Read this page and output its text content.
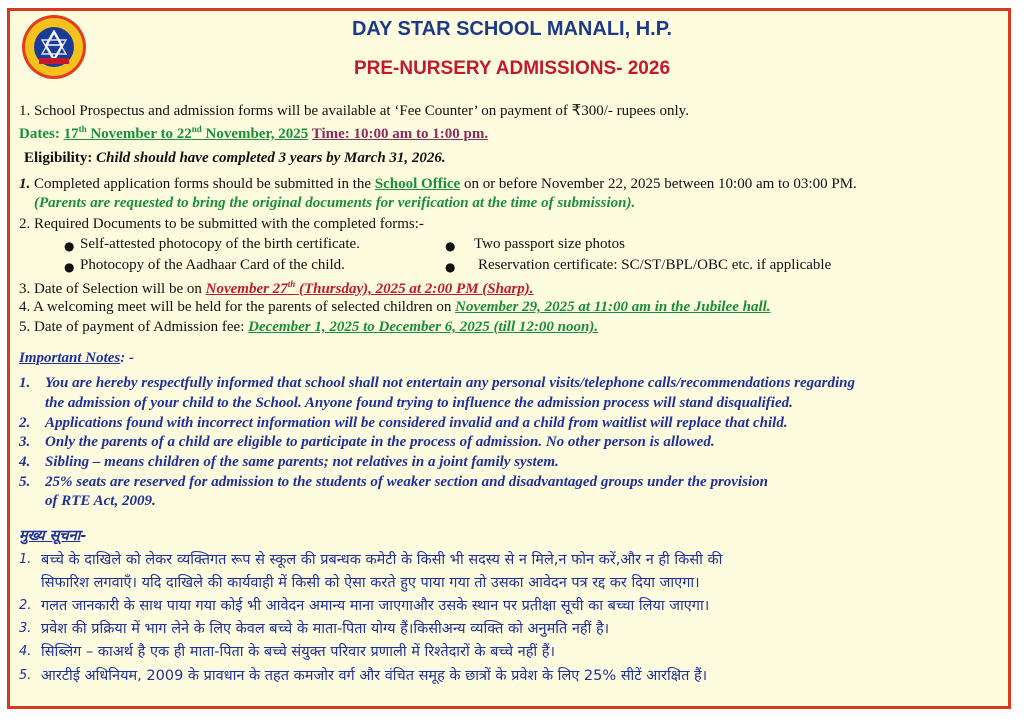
DAY STAR SCHOOL MANALI, H.P.
PRE-NURSERY ADMISSIONS- 2026
1. School Prospectus and admission forms will be available at ‘Fee Counter’ on payment of ₹300/- rupees only.
Dates: 17th November to 22nd November, 2025 Time: 10:00 am to 1:00 pm.
Eligibility: Child should have completed 3 years by March 31, 2026.
1. Completed application forms should be submitted in the School Office on or before November 22, 2025 between 10:00 am to 03:00 PM.
(Parents are requested to bring the original documents for verification at the time of submission).
2. Required Documents to be submitted with the completed forms:-
● Self-attested photocopy of the birth certificate.	● Two passport size photos
● Photocopy of the Aadhaar Card of the child.	● Reservation certificate: SC/ST/BPL/OBC etc. if applicable
3. Date of Selection will be on November 27th (Thursday), 2025 at 2:00 PM (Sharp).
4. A welcoming meet will be held for the parents of selected children on November 29, 2025 at 11:00 am in the Jubilee hall.
5. Date of payment of Admission fee: December 1, 2025 to December 6, 2025 (till 12:00 noon).
Important Notes: -
1. You are hereby respectfully informed that school shall not entertain any personal visits/telephone calls/recommendations regarding
the admission of your child to the School. Anyone found trying to influence the admission process will stand disqualified.
2. Applications found with incorrect information will be considered invalid and a child from waitlist will replace that child.
3. Only the parents of a child are eligible to participate in the process of admission. No other person is allowed.
4. Sibling – means children of the same parents; not relatives in a joint family system.
5. 25% seats are reserved for admission to the students of weaker section and disadvantaged groups under the provision
of RTE Act, 2009.
मुख्य सूचना-
1. बच्चे के दाखिले को लेकर व्यक्तिगत रूप से स्कूल की प्रबन्धक कमेटी के किसी भी सदस्य से न मिले,न फोन करें,और न ही किसी की
सिफारिश लगवाएँ। यदि दाखिले की कार्यवाही में किसी को ऐसा करते हुए पाया गया तो उसका आवेदन पत्र रद्द कर दिया जाएगा।
2. गलत जानकारी के साथ पाया गया कोई भी आवेदन अमान्य माना जाएगाऔर उसके स्थान पर प्रतीक्षा सूची का बच्चा लिया जाएगा।
3. प्रवेश की प्रक्रिया में भाग लेने के लिए केवल बच्चे के माता-पिता योग्य हैं।किसीअन्य व्यक्ति को अनुमति नहीं है।
4. सिब्लिंग – काअर्थ है एक ही माता-पिता के बच्चे संयुक्त परिवार प्रणाली में रिश्तेदारों के बच्चे नहीं हैं।
5. आरटीई अधिनियम, 2009 के प्रावधान के तहत कमजोर वर्ग और वंचित समूह के छात्रों के प्रवेश के लिए 25% सीटें आरक्षित हैं।
